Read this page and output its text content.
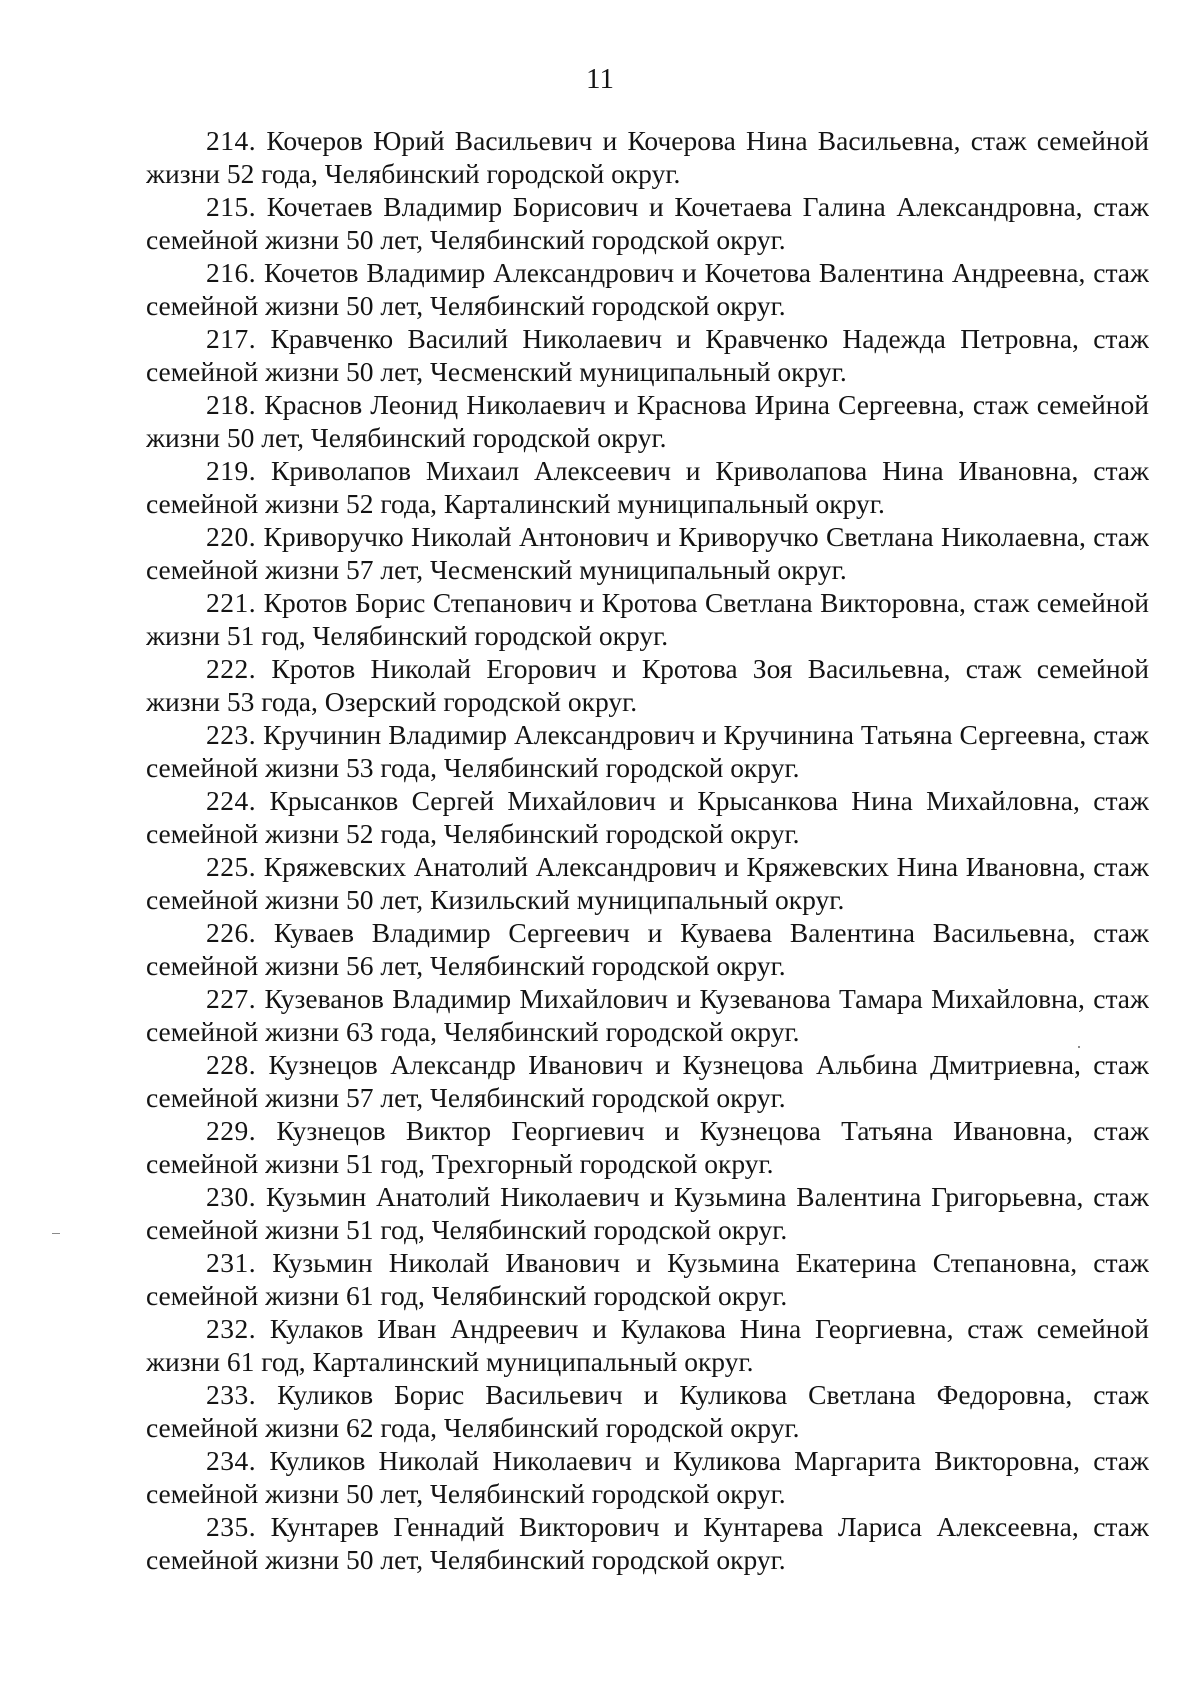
11
214. Кочеров Юрий Васильевич и Кочерова Нина Васильевна, стаж семейной жизни 52 года, Челябинский городской округ.
215. Кочетаев Владимир Борисович и Кочетаева Галина Александровна, стаж семейной жизни 50 лет, Челябинский городской округ.
216. Кочетов Владимир Александрович и Кочетова Валентина Андреевна, стаж семейной жизни 50 лет, Челябинский городской округ.
217. Кравченко Василий Николаевич и Кравченко Надежда Петровна, стаж семейной жизни 50 лет, Чесменский муниципальный округ.
218. Краснов Леонид Николаевич и Краснова Ирина Сергеевна, стаж семейной жизни 50 лет, Челябинский городской округ.
219. Криволапов Михаил Алексеевич и Криволапова Нина Ивановна, стаж семейной жизни 52 года, Карталинский муниципальный округ.
220. Криворучко Николай Антонович и Криворучко Светлана Николаевна, стаж семейной жизни 57 лет, Чесменский муниципальный округ.
221. Кротов Борис Степанович и Кротова Светлана Викторовна, стаж семейной жизни 51 год, Челябинский городской округ.
222. Кротов Николай Егорович и Кротова Зоя Васильевна, стаж семейной жизни 53 года, Озерский городской округ.
223. Кручинин Владимир Александрович и Кручинина Татьяна Сергеевна, стаж семейной жизни 53 года, Челябинский городской округ.
224. Крысанков Сергей Михайлович и Крысанкова Нина Михайловна, стаж семейной жизни 52 года, Челябинский городской округ.
225. Кряжевских Анатолий Александрович и Кряжевских Нина Ивановна, стаж семейной жизни 50 лет, Кизильский муниципальный округ.
226. Куваев Владимир Сергеевич и Куваева Валентина Васильевна, стаж семейной жизни 56 лет, Челябинский городской округ.
227. Кузеванов Владимир Михайлович и Кузеванова Тамара Михайловна, стаж семейной жизни 63 года, Челябинский городской округ.
228. Кузнецов Александр Иванович и Кузнецова Альбина Дмитриевна, стаж семейной жизни 57 лет, Челябинский городской округ.
229. Кузнецов Виктор Георгиевич и Кузнецова Татьяна Ивановна, стаж семейной жизни 51 год, Трехгорный городской округ.
230. Кузьмин Анатолий Николаевич и Кузьмина Валентина Григорьевна, стаж семейной жизни 51 год, Челябинский городской округ.
231. Кузьмин Николай Иванович и Кузьмина Екатерина Степановна, стаж семейной жизни 61 год, Челябинский городской округ.
232. Кулаков Иван Андреевич и Кулакова Нина Георгиевна, стаж семейной жизни 61 год, Карталинский муниципальный округ.
233. Куликов Борис Васильевич и Куликова Светлана Федоровна, стаж семейной жизни 62 года, Челябинский городской округ.
234. Куликов Николай Николаевич и Куликова Маргарита Викторовна, стаж семейной жизни 50 лет, Челябинский городской округ.
235. Кунтарев Геннадий Викторович и Кунтарева Лариса Алексеевна, стаж семейной жизни 50 лет, Челябинский городской округ.
